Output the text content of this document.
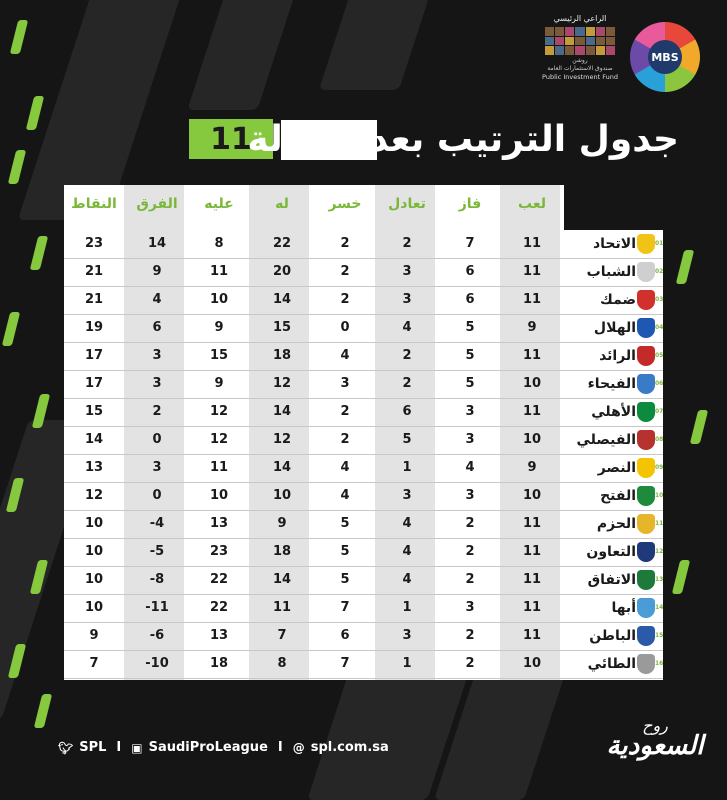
الراعي الرئيسي
روشن
صندوق الاستثمارات العامة
Public Investment Fund
MBS
11
جدول الترتيب بعد الجولة
النقاط	الفرق	عليه	له	خسر	تعادل	فاز	لعب
23	14	8	22	2	2	7	11	الاتحاد	01
21	9	11	20	2	3	6	11	الشباب	02
21	4	10	14	2	3	6	11	ضمك	03
19	6	9	15	0	4	5	9	الهلال	04
17	3	15	18	4	2	5	11	الرائد	05
17	3	9	12	3	2	5	10	الفيحاء	06
15	2	12	14	2	6	3	11	الأهلي	07
14	0	12	12	2	5	3	10	الفيصلي	08
13	3	11	14	4	1	4	9	النصر	09
12	0	10	10	4	3	3	10	الفتح	10
10	-4	13	9	5	4	2	11	الحزم	11
10	-5	23	18	5	4	2	11	التعاون	12
10	-8	22	14	5	4	2	11	الاتفاق	13
10	-11	22	11	7	1	3	11	أبها	14
9	-6	13	7	6	3	2	11	الباطن	15
7	-10	18	8	7	1	2	10	الطائي	16
🐦︎ SPL I ▣ SaudiProLeague I @ spl.com.sa
روح
السعودية
